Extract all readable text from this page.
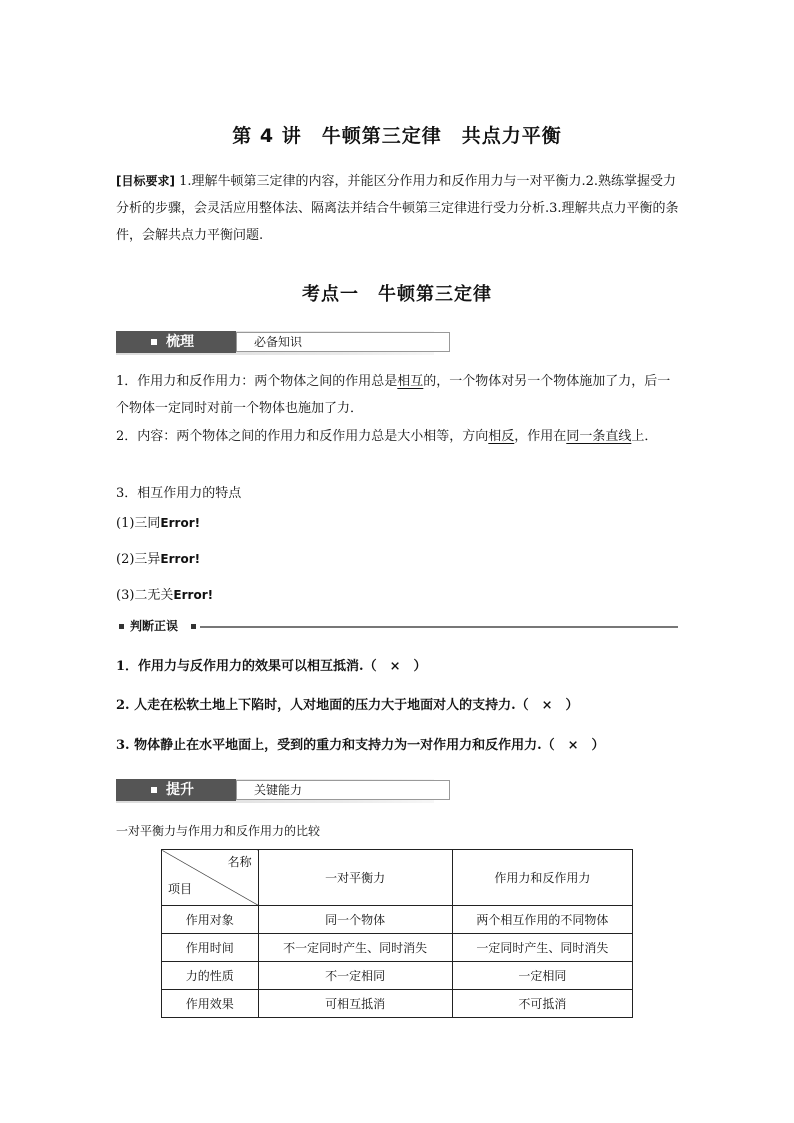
第 4 讲　牛顿第三定律　共点力平衡
[目标要求] 1.理解牛顿第三定律的内容，并能区分作用力和反作用力与一对平衡力.2.熟练掌握受力分析的步骤，会灵活应用整体法、隔离法并结合牛顿第三定律进行受力分析.3.理解共点力平衡的条件，会解共点力平衡问题.
考点一　牛顿第三定律
梳理	必备知识
1．作用力和反作用力：两个物体之间的作用总是相互的，一个物体对另一个物体施加了力，后一个物体一定同时对前一个物体也施加了力．
2．内容：两个物体之间的作用力和反作用力总是大小相等，方向相反，作用在同一条直线上．
3．相互作用力的特点
(1)三同Error!
(2)三异Error!
(3)二无关Error!
判断正误
1．作用力与反作用力的效果可以相互抵消.（　×　）
2. 人走在松软土地上下陷时，人对地面的压力大于地面对人的支持力.（　×　）
3. 物体静止在水平地面上，受到的重力和支持力为一对作用力和反作用力.（　×　）
提升	关键能力
一对平衡力与作用力和反作用力的比较
名称
项目	一对平衡力	作用力和反作用力
作用对象	同一个物体	两个相互作用的不同物体
作用时间	不一定同时产生、同时消失	一定同时产生、同时消失
力的性质	不一定相同	一定相同
作用效果	可相互抵消	不可抵消
